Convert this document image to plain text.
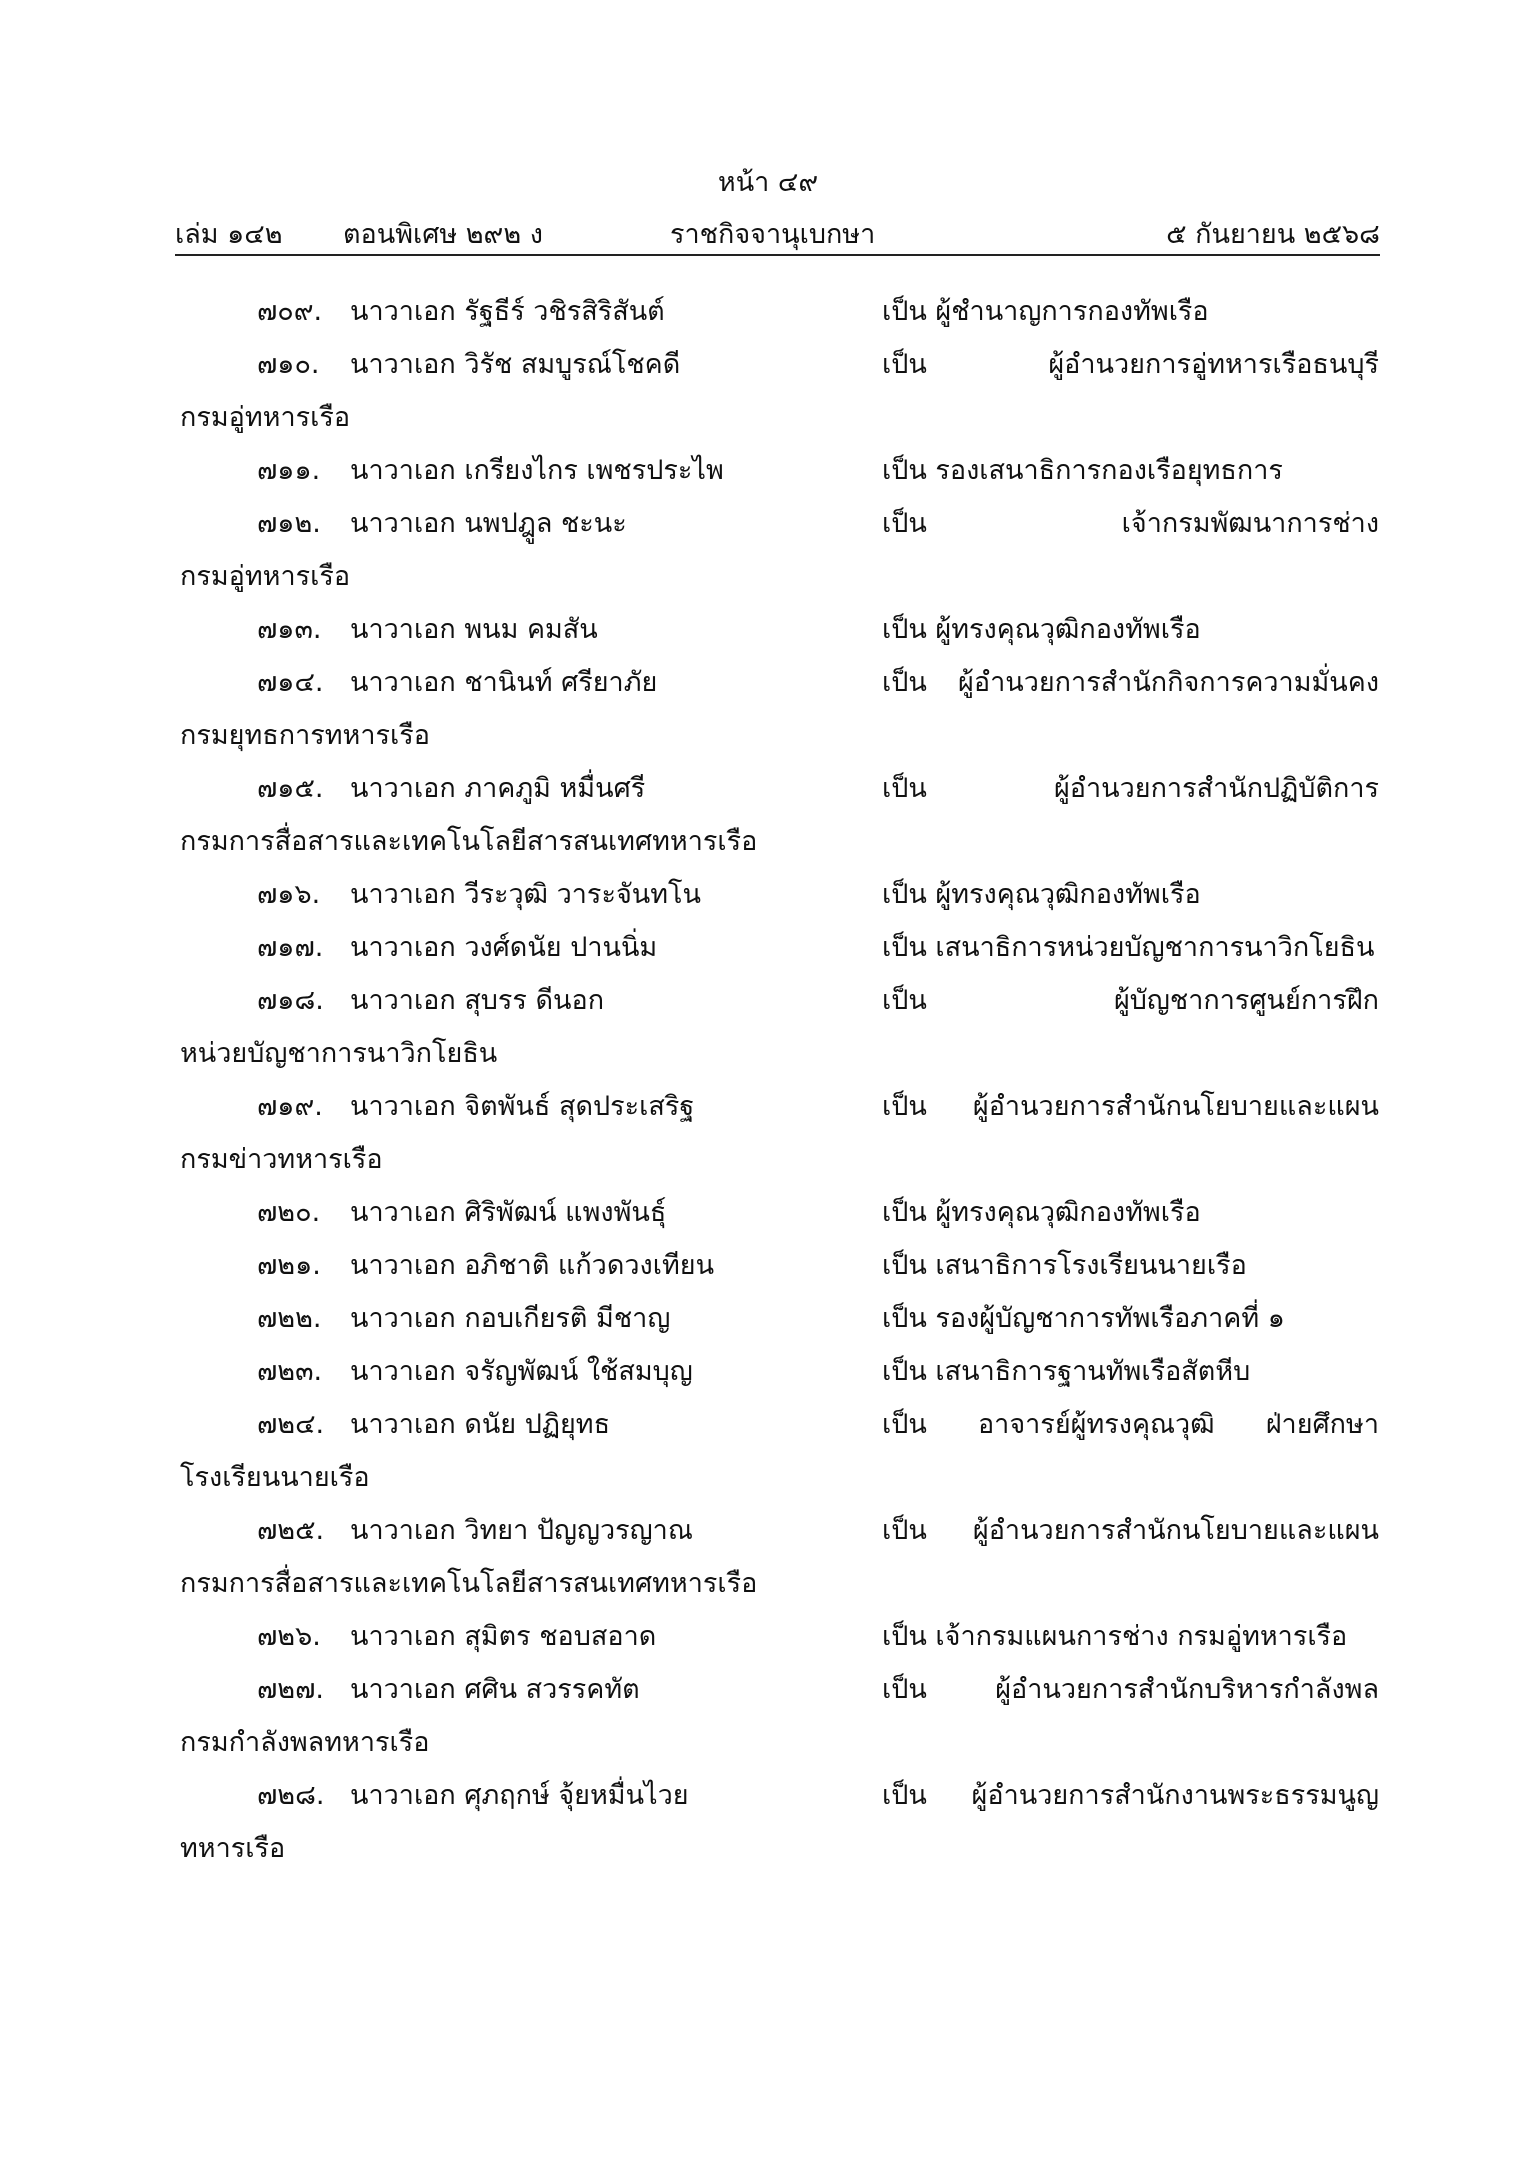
หน้า ๔๙
เล่ม ๑๔๒ ตอนพิเศษ ๒๙๒ ง	ราชกิจจานุเบกษา	๕ กันยายน ๒๕๖๘
๗๐๙. นาวาเอก รัฐธีร์ วชิรสิริสันต์	เป็น ผู้ชำนาญการกองทัพเรือ
๗๑๐. นาวาเอก วิรัช สมบูรณ์โชคดี	เป็น	ผู้อำนวยการอู่ทหารเรือธนบุรี
กรมอู่ทหารเรือ
๗๑๑. นาวาเอก เกรียงไกร เพชรประไพ	เป็น รองเสนาธิการกองเรือยุทธการ
๗๑๒. นาวาเอก นพปฎูล ชะนะ	เป็น	เจ้ากรมพัฒนาการช่าง
กรมอู่ทหารเรือ
๗๑๓. นาวาเอก พนม คมสัน	เป็น ผู้ทรงคุณวุฒิกองทัพเรือ
๗๑๔. นาวาเอก ชานินท์ ศรียาภัย	เป็น ผู้อำนวยการสำนักกิจการความมั่นคง
กรมยุทธการทหารเรือ
๗๑๕. นาวาเอก ภาคภูมิ หมื่นศรี	เป็น	ผู้อำนวยการสำนักปฏิบัติการ
กรมการสื่อสารและเทคโนโลยีสารสนเทศทหารเรือ
๗๑๖. นาวาเอก วีระวุฒิ วาระจันทโน	เป็น ผู้ทรงคุณวุฒิกองทัพเรือ
๗๑๗. นาวาเอก วงศ์ดนัย ปานนิ่ม	เป็น เสนาธิการหน่วยบัญชาการนาวิกโยธิน
๗๑๘. นาวาเอก สุบรร ดีนอก	เป็น	ผู้บัญชาการศูนย์การฝึก
หน่วยบัญชาการนาวิกโยธิน
๗๑๙. นาวาเอก จิตพันธ์ สุดประเสริฐ	เป็น ผู้อำนวยการสำนักนโยบายและแผน
กรมข่าวทหารเรือ
๗๒๐. นาวาเอก ศิริพัฒน์ แพงพันธุ์	เป็น ผู้ทรงคุณวุฒิกองทัพเรือ
๗๒๑. นาวาเอก อภิชาติ แก้วดวงเทียน	เป็น เสนาธิการโรงเรียนนายเรือ
๗๒๒. นาวาเอก กอบเกียรติ มีชาญ	เป็น รองผู้บัญชาการทัพเรือภาคที่ ๑
๗๒๓. นาวาเอก จรัญพัฒน์ ใช้สมบุญ	เป็น เสนาธิการฐานทัพเรือสัตหีบ
๗๒๔. นาวาเอก ดนัย ปฏิยุทธ	เป็น อาจารย์ผู้ทรงคุณวุฒิ ฝ่ายศึกษา
โรงเรียนนายเรือ
๗๒๕. นาวาเอก วิทยา ปัญญวรญาณ	เป็น ผู้อำนวยการสำนักนโยบายและแผน
กรมการสื่อสารและเทคโนโลยีสารสนเทศทหารเรือ
๗๒๖. นาวาเอก สุมิตร ชอบสอาด	เป็น เจ้ากรมแผนการช่าง กรมอู่ทหารเรือ
๗๒๗. นาวาเอก ศศิน สวรรคทัต	เป็น	ผู้อำนวยการสำนักบริหารกำลังพล
กรมกำลังพลทหารเรือ
๗๒๘. นาวาเอก ศุภฤกษ์ จุ้ยหมื่นไวย	เป็น ผู้อำนวยการสำนักงานพระธรรมนูญ
ทหารเรือ
